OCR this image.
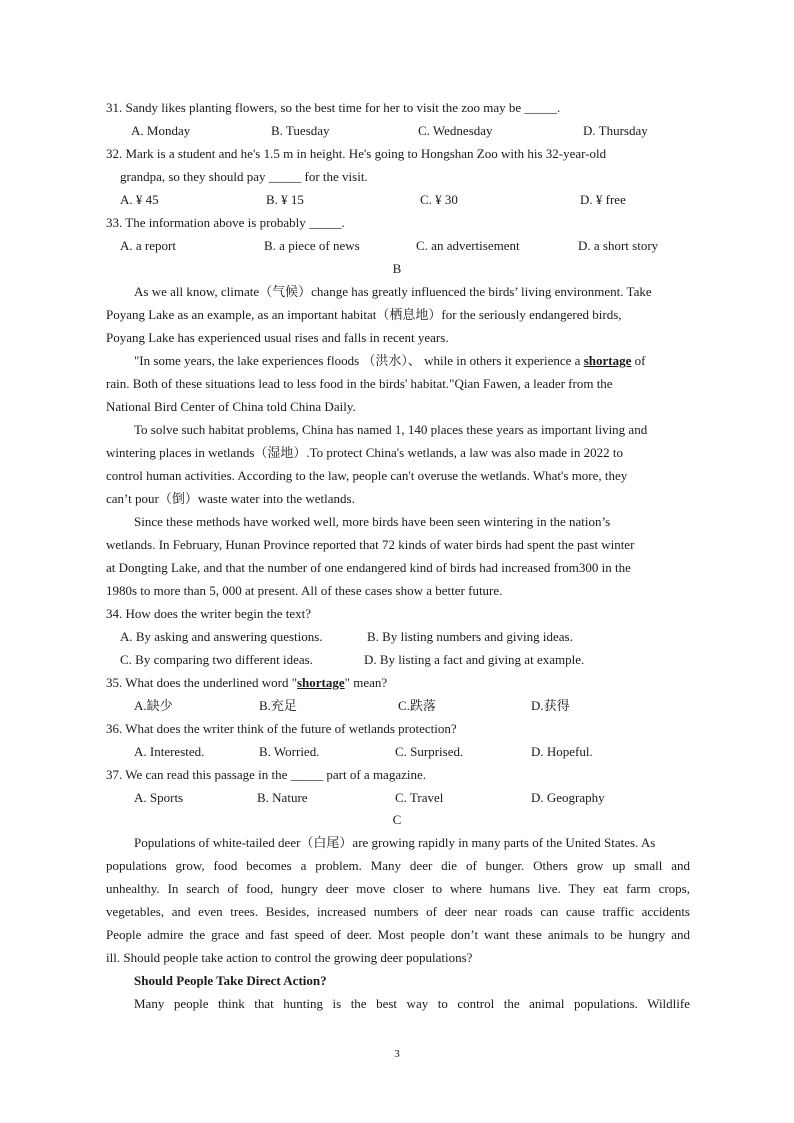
31. Sandy likes planting flowers, so the best time for her to visit the zoo may be _____.
A. Monday	B. Tuesday	C. Wednesday	D. Thursday
32. Mark is a student and he's 1.5 m in height. He's going to Hongshan Zoo with his 32-year-old
grandpa, so they should pay _____ for the visit.
A. ¥ 45	B. ¥ 15	C. ¥ 30	D. ¥ free
33. The information above is probably _____.
A. a report	B. a piece of news	C. an advertisement	D. a short story
B
As we all know, climate（气候）change has greatly influenced the birds’ living environment. Take
Poyang Lake as an example, as an important habitat（栖息地）for the seriously endangered birds,
Poyang Lake has experienced usual rises and falls in recent years.
"In some years, the lake experiences floods （洪水）、 while in others it experience a shortage of
rain. Both of these situations lead to less food in the birds' habitat."Qian Fawen, a leader from the
National Bird Center of China told China Daily.
To solve such habitat problems, China has named 1, 140 places these years as important living and
wintering places in wetlands（湿地）.To protect China's wetlands, a law was also made in 2022 to
control human activities. According to the law, people can't overuse the wetlands. What's more, they
can’t pour（倒）waste water into the wetlands.
Since these methods have worked well, more birds have been seen wintering in the nation’s
wetlands. In February, Hunan Province reported that 72 kinds of water birds had spent the past winter
at Dongting Lake, and that the number of one endangered kind of birds had increased from300 in the
1980s to more than 5, 000 at present. All of these cases show a better future.
34. How does the writer begin the text?
A. By asking and answering questions.	B. By listing numbers and giving ideas.
C. By comparing two different ideas.	D. By listing a fact and giving at example.
35. What does the underlined word "shortage" mean?
A.缺少	B.充足	C.跌落	D.获得
36. What does the writer think of the future of wetlands protection?
A. Interested.	B. Worried.	C. Surprised.	D. Hopeful.
37. We can read this passage in the _____ part of a magazine.
A. Sports	B. Nature	C. Travel	D. Geography
C
Populations of white-tailed deer（白尾）are growing rapidly in many parts of the United States. As
populations grow, food becomes a problem. Many deer die of bunger. Others grow up small and
unhealthy. In search of food, hungry deer move closer to where humans live. They eat farm crops,
vegetables, and even trees. Besides, increased numbers of deer near roads can cause traffic accidents
People admire the grace and fast speed of deer. Most people don’t want these animals to be hungry and
ill. Should people take action to control the growing deer populations?
Should People Take Direct Action?
Many people think that hunting is the best way to control the animal populations. Wildlife
3
